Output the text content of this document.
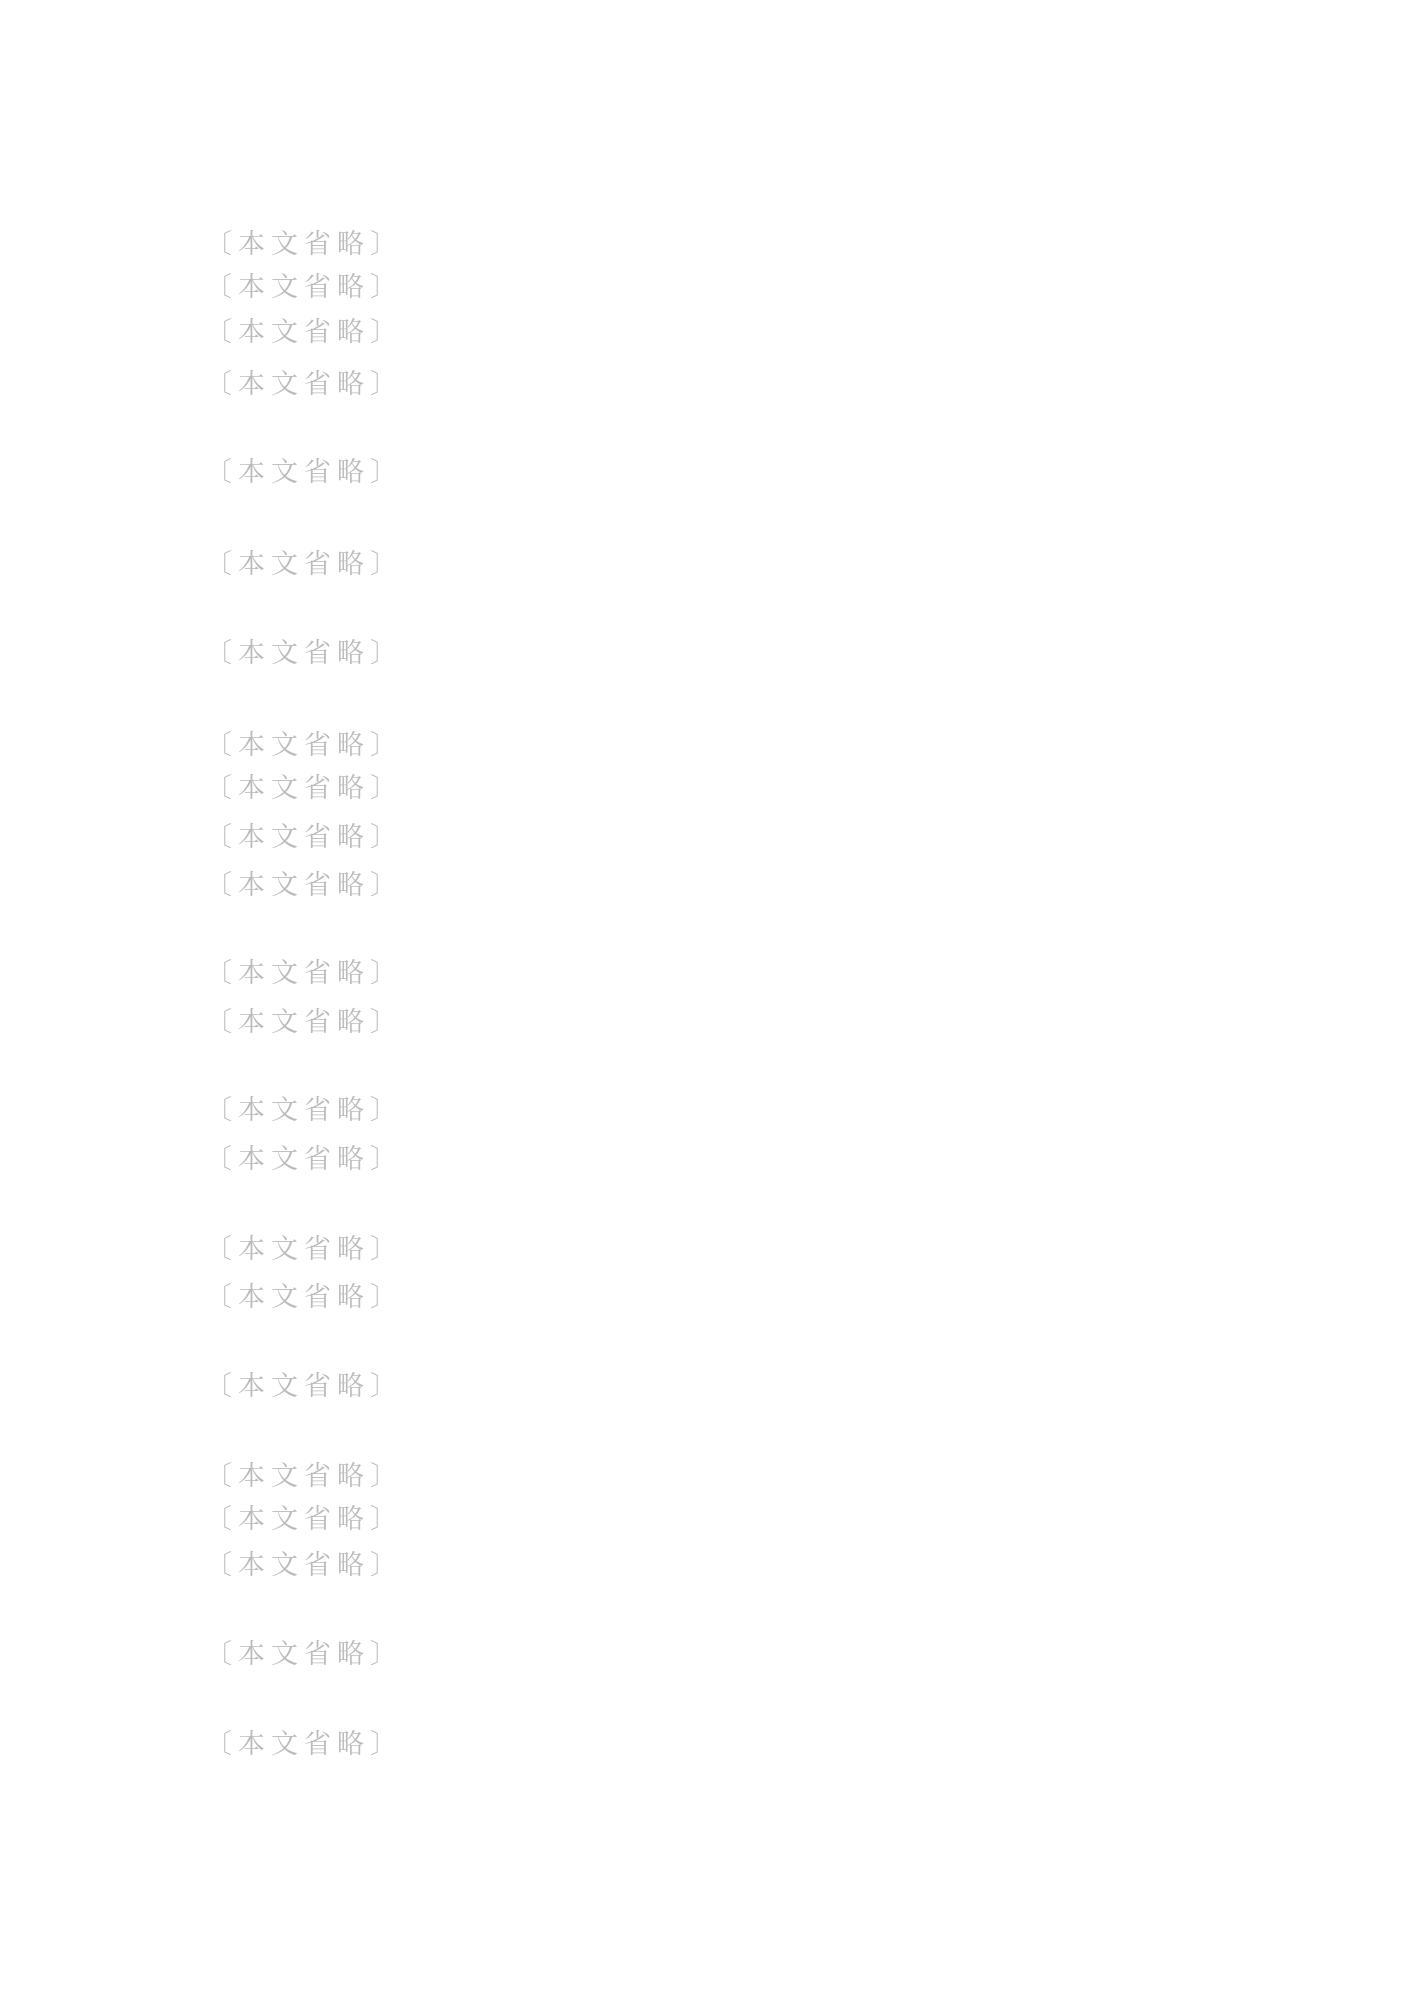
〔本文省略〕
〔本文省略〕
〔本文省略〕
〔本文省略〕
〔本文省略〕
〔本文省略〕
〔本文省略〕
〔本文省略〕
〔本文省略〕
〔本文省略〕
〔本文省略〕
〔本文省略〕
〔本文省略〕
〔本文省略〕
〔本文省略〕
〔本文省略〕
〔本文省略〕
〔本文省略〕
〔本文省略〕
〔本文省略〕
〔本文省略〕
〔本文省略〕
〔本文省略〕
